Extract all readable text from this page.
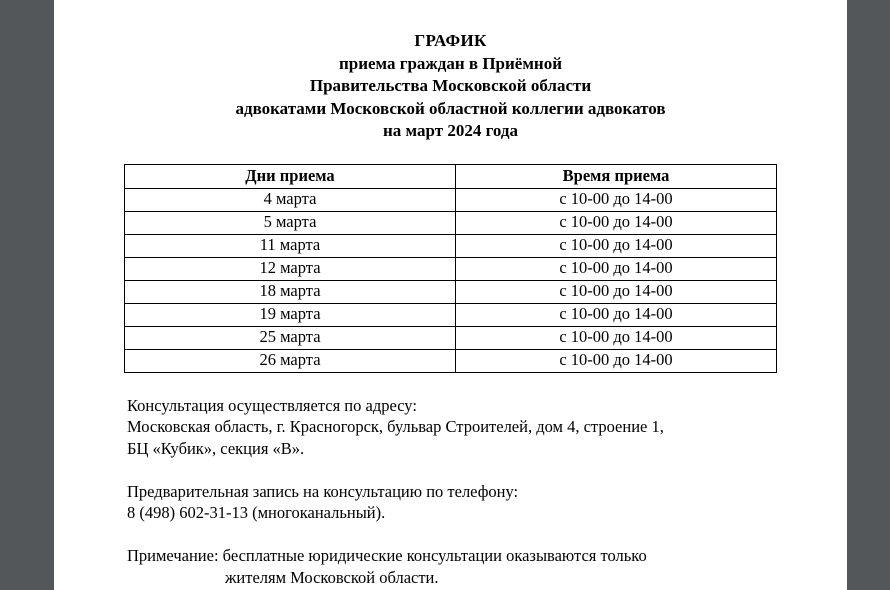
ГРАФИК
приема граждан в Приёмной
Правительства Московской области
адвокатами Московской областной коллегии адвокатов
на март 2024 года
Дни приема	Время приема
4 марта	с 10-00 до 14-00
5 марта	с 10-00 до 14-00
11 марта	с 10-00 до 14-00
12 марта	с 10-00 до 14-00
18 марта	с 10-00 до 14-00
19 марта	с 10-00 до 14-00
25 марта	с 10-00 до 14-00
26 марта	с 10-00 до 14-00

Консультация осуществляется по адресу:
Московская область, г. Красногорск, бульвар Строителей, дом 4, строение 1,
БЦ «Кубик», секция «В».

Предварительная запись на консультацию по телефону:
8 (498) 602-31-13 (многоканальный).

Примечание: бесплатные юридические консультации оказываются только
жителям Московской области.
